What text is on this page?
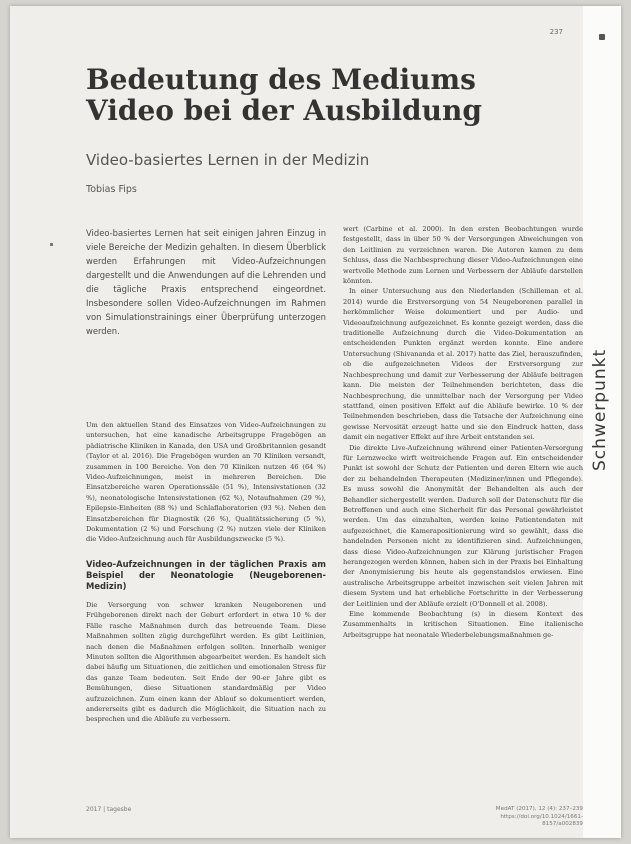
237
Schwerpunkt
Bedeutung des Mediums Video bei der Ausbildung
Video-basiertes Lernen in der Medizin
Tobias Fips
Video-basiertes Lernen hat seit einigen Jahren Einzug in viele Bereiche der Medizin gehalten. In diesem Überblick werden Erfahrungen mit Video-Aufzeichnungen dargestellt und die Anwendungen auf die Lehrenden und die tägliche Praxis entsprechend eingeordnet. Insbesondere sollen Video-Aufzeichnungen im Rahmen von Simulationstrainings einer Überprüfung unterzogen werden.

Um den aktuellen Stand des Einsatzes von Video-Aufzeichnungen zu untersuchen, hat eine kanadische Arbeitsgruppe Fragebögen an pädiatrische Kliniken in Kanada, den USA und Großbritannien gesandt (Taylor et al. 2016). Die Fragebögen wurden an 70 Kliniken versandt, zusammen in 100 Bereiche. Von den 70 Kliniken nutzen 46 (64 %) Video-Aufzeichnungen, meist in mehreren Bereichen. Die Einsatzbereiche waren Operationssäle (51 %), Intensivstationen (32 %), neonatologische Intensivstationen (62 %), Notaufnahmen (29 %), Epilepsie-Einheiten (88 %) und Schlaflaboratorien (93 %). Neben den Einsatzbereichen für Diagnostik (26 %), Qualitätssicherung (5 %), Dokumentation (2 %) und Forschung (2 %) nutzen viele der Kliniken die Video-Aufzeichnung auch für Ausbildungszwecke (5 %).

Video-Aufzeichnungen in der täglichen Praxis am Beispiel der Neonatologie (Neugeborenen-Medizin)

Die Versorgung von schwer kranken Neugeborenen und Frühgeborenen direkt nach der Geburt erfordert in etwa 10 % der Fälle rasche Maßnahmen durch das betreuende Team. Diese Maßnahmen sollten zügig durchgeführt werden. Es gibt Leitlinien, nach denen die Maßnahmen erfolgen sollten. Innerhalb weniger Minuten sollten die Algorithmen abgearbeitet werden. Es handelt sich dabei häufig um Situationen, die zeitlichen und emotionalen Stress für das ganze Team bedeuten. Seit Ende der 90-er Jahre gibt es Bemühungen, diese Situationen standardmäßig per Video aufzuzeichnen. Zum einen kann der Ablauf so dokumentiert werden, andererseits gibt es dadurch die Möglichkeit, die Situation nach zu besprechen und die Abläufe zu verbessern.

wert (Carbine et al. 2000). In den ersten Beobachtungen wurde festgestellt, dass in über 50 % der Versorgungen Abweichungen von den Leitlinien zu verzeichnen waren. Die Autoren kamen zu dem Schluss, dass die Nachbesprechung dieser Video-Aufzeichnungen eine wertvolle Methode zum Lernen und Verbessern der Abläufe darstellen könnten.

In einer Untersuchung aus den Niederlanden (Schilleman et al. 2014) wurde die Erstversorgung von 54 Neugeborenen parallel in herkömmlicher Weise dokumentiert und per Audio- und Videoaufzeichnung aufgezeichnet. Es konnte gezeigt werden, dass die traditionelle Aufzeichnung durch die Video-Dokumentation an entscheidenden Punkten ergänzt werden konnte. Eine andere Untersuchung (Shivananda et al. 2017) hatte das Ziel, herauszufinden, ob die aufgezeichneten Videos der Erstversorgung zur Nachbesprechung und damit zur Verbesserung der Abläufe beitragen kann. Die meisten der Teilnehmenden berichteten, dass die Nachbesprechung, die unmittelbar nach der Versorgung per Video stattfand, einen positiven Effekt auf die Abläufe bewirke. 10 % der Teilnehmenden beschrieben, dass die Tatsache der Aufzeichnung eine gewisse Nervosität erzeugt hatte und sie den Eindruck hatten, dass damit ein negativer Effekt auf ihre Arbeit entstanden sei.

Die direkte Live-Aufzeichnung während einer Patienten-Versorgung für Lernzwecke wirft weitreichende Fragen auf. Ein entscheidender Punkt ist sowohl der Schutz der Patienten und deren Eltern wie auch der zu behandelnden Therapeuten (Mediziner/innen und Pflegende). Es muss sowohl die Anonymität der Behandelten als auch der Behandler sichergestellt werden. Dadurch soll der Datenschutz für die Betroffenen und auch eine Sicherheit für das Personal gewährleistet werden. Um das einzuhalten, werden keine Patientendaten mit aufgezeichnet, die Kamerapositionierung wird so gewählt, dass die handelnden Personen nicht zu identifizieren sind. Aufzeichnungen, dass diese Video-Aufzeichnungen zur Klärung juristischer Fragen herangezogen werden können, haben sich in der Praxis bei Einhaltung der Anonymisierung bis heute als gegenstandslos erwiesen. Eine australische Arbeitsgruppe arbeitet inzwischen seit vielen Jahren mit diesem System und hat erhebliche Fortschritte in der Verbesserung der Leitlinien und der Abläufe erzielt (O'Donnell et al. 2008).

Eine kommende Beobachtung (s) in diesem Kontext des Zusammenhalts in kritischen Situationen. Eine italienische Arbeitsgruppe hat neonatale Wiederbelebungsmaßnahmen ge-

2017 | tagesbe	MedAT (2017), 12 (4): 237–239
https://doi.org/10.1024/1661-8157/a002839
